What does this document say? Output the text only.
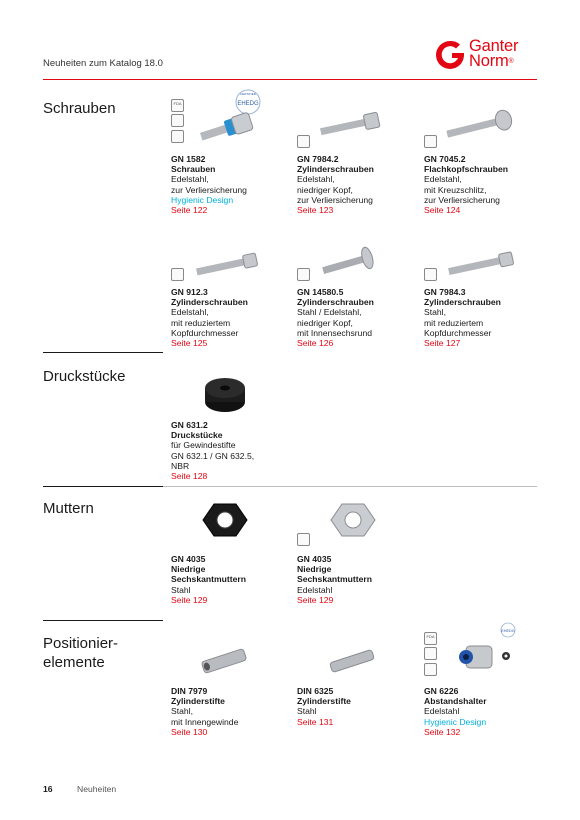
Neuheiten zum Katalog 18.0
Ganter
Norm®
Schrauben
Druckstücke
Muttern
Positionier-
elemente
FDA	EHEDG
CERTIFIED
GN 1582
Schrauben
Edelstahl,
zur Verliersicherung
Hygienic Design
Seite 122
GN 7984.2
Zylinderschrauben
Edelstahl,
niedriger Kopf,
zur Verliersicherung
Seite 123
GN 7045.2
Flachkopfschrauben
Edelstahl,
mit Kreuzschlitz,
zur Verliersicherung
Seite 124
GN 912.3
Zylinderschrauben
Edelstahl,
mit reduziertem
Kopfdurchmesser
Seite 125
GN 14580.5
Zylinderschrauben
Stahl / Edelstahl,
niedriger Kopf,
mit Innensechsrund
Seite 126
GN 7984.3
Zylinderschrauben
Stahl,
mit reduziertem
Kopfdurchmesser
Seite 127
GN 631.2
Druckstücke
für Gewindestifte
GN 632.1 / GN 632.5,
NBR
Seite 128
GN 4035
Niedrige
Sechskantmuttern
Stahl
Seite 129
GN 4035
Niedrige
Sechskantmuttern
Edelstahl
Seite 129
DIN 7979
Zylinderstifte
Stahl,
mit Innengewinde
Seite 130
DIN 6325
Zylinderstifte
Stahl
Seite 131
FDA
EHEDG
GN 6226
Abstandshalter
Edelstahl
Hygienic Design
Seite 132
16	Neuheiten
